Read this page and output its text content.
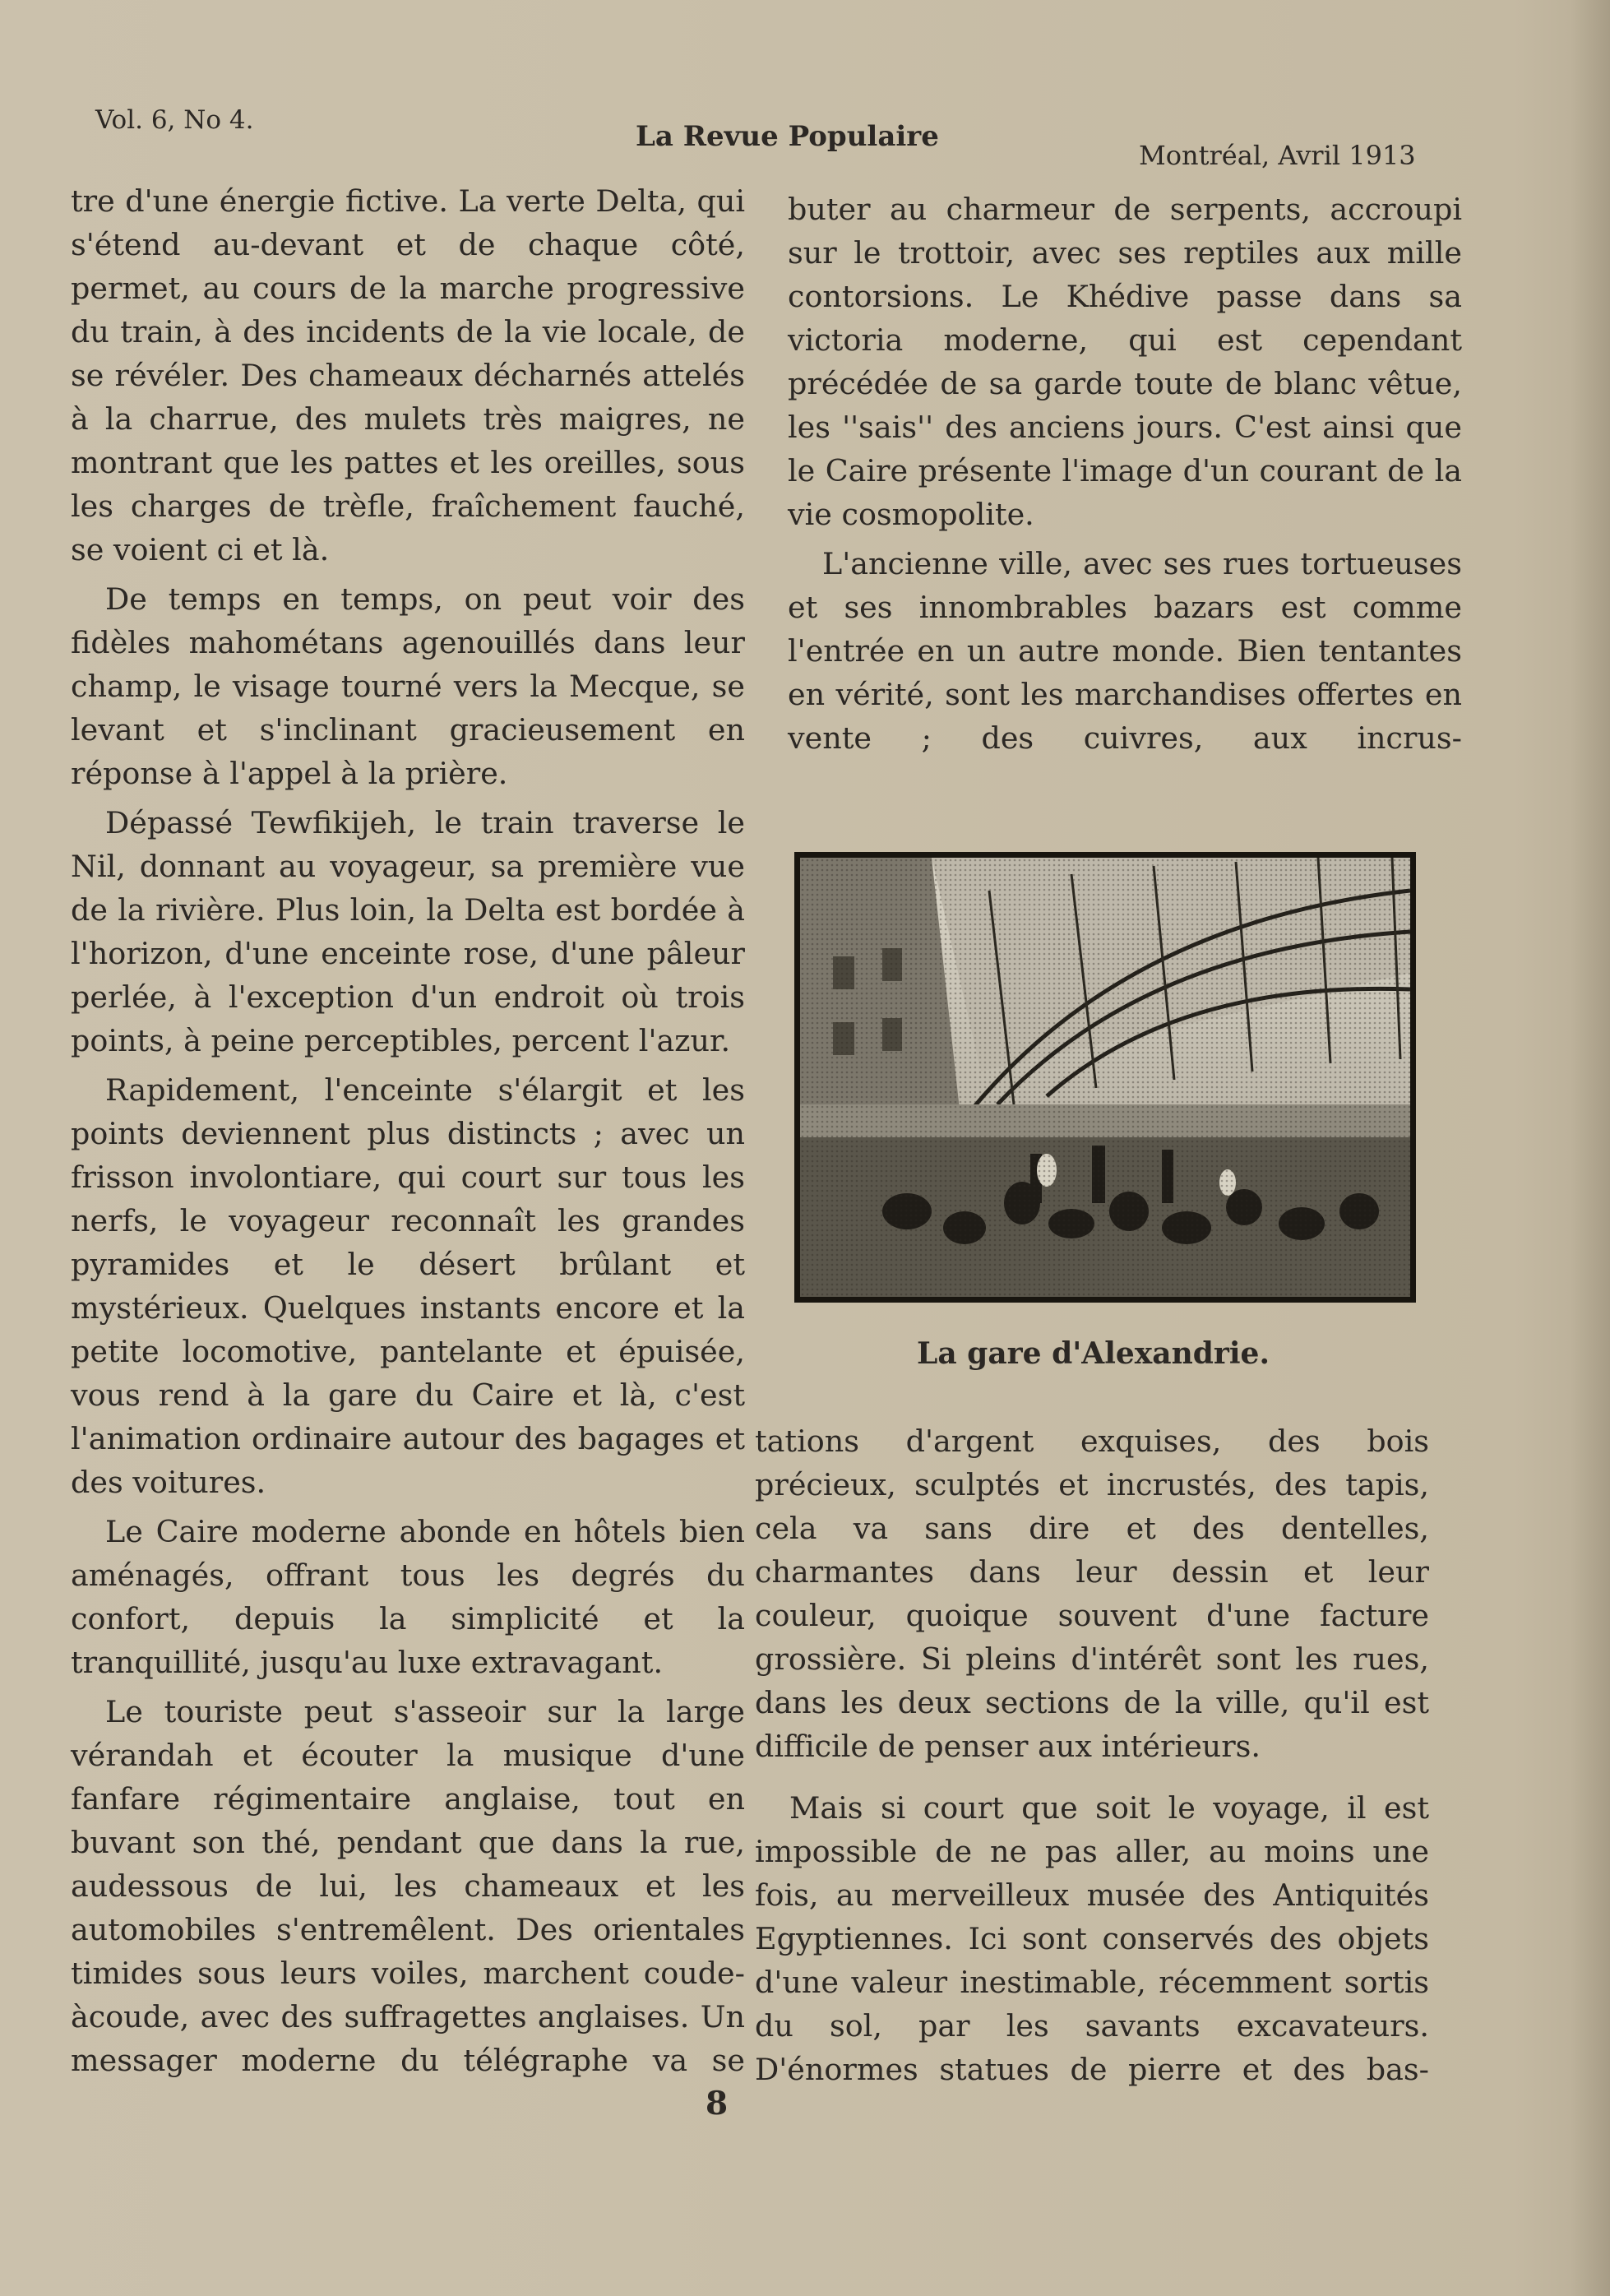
Vol. 6, No 4.	La Revue Populaire
Montréal, Avril 1913

tre d'une énergie fictive. La verte Delta, qui s'étend au-devant et de chaque côté, permet, au cours de la marche progressive du train, à des incidents de la vie locale, de se révéler. Des chameaux décharnés attelés à la charrue, des mulets très maigres, ne montrant que les pattes et les oreilles, sous les charges de trèfle, fraîchement fauché, se voient ci et là.

De temps en temps, on peut voir des fidèles mahométans agenouillés dans leur champ, le visage tourné vers la Mecque, se levant et s'inclinant gracieusement en réponse à l'appel à la prière.

Dépassé Tewfikijeh, le train traverse le Nil, donnant au voyageur, sa première vue de la rivière. Plus loin, la Delta est bordée à l'horizon, d'une enceinte rose, d'une pâleur perlée, à l'exception d'un endroit où trois points, à peine perceptibles, percent l'azur.

Rapidement, l'enceinte s'élargit et les points deviennent plus distincts ; avec un frisson involontiare, qui court sur tous les nerfs, le voyageur reconnaît les grandes pyramides et le désert brûlant et mystérieux. Quelques instants encore et la petite locomotive, pantelante et épuisée, vous rend à la gare du Caire et là, c'est l'animation ordinaire autour des bagages et des voitures.

Le Caire moderne abonde en hôtels bien aménagés, offrant tous les degrés du confort, depuis la simplicité et la tranquillité, jusqu'au luxe extravagant.

Le touriste peut s'asseoir sur la large vérandah et écouter la musique d'une fanfare régimentaire anglaise, tout en buvant son thé, pendant que dans la rue, audessous de lui, les chameaux et les automobiles s'entremêlent. Des orientales timides sous leurs voiles, marchent coude-àcoude, avec des suffragettes anglaises. Un messager moderne du télégraphe va se

buter au charmeur de serpents, accroupi sur le trottoir, avec ses reptiles aux mille contorsions. Le Khédive passe dans sa victoria moderne, qui est cependant précédée de sa garde toute de blanc vêtue, les ''sais'' des anciens jours. C'est ainsi que le Caire présente l'image d'un courant de la vie cosmopolite.

L'ancienne ville, avec ses rues tortueuses et ses innombrables bazars est comme l'entrée en un autre monde. Bien tentantes en vérité, sont les marchandises offertes en vente ; des cuivres, aux incrus-

La gare d'Alexandrie.

tations d'argent exquises, des bois précieux, sculptés et incrustés, des tapis, cela va sans dire et des dentelles, charmantes dans leur dessin et leur couleur, quoique souvent d'une facture grossière. Si pleins d'intérêt sont les rues, dans les deux sections de la ville, qu'il est difficile de penser aux intérieurs.

Mais si court que soit le voyage, il est impossible de ne pas aller, au moins une fois, au merveilleux musée des Antiquités Egyptiennes. Ici sont conservés des objets d'une valeur inestimable, récemment sortis du sol, par les savants excavateurs. D'énormes statues de pierre et des bas-

8
